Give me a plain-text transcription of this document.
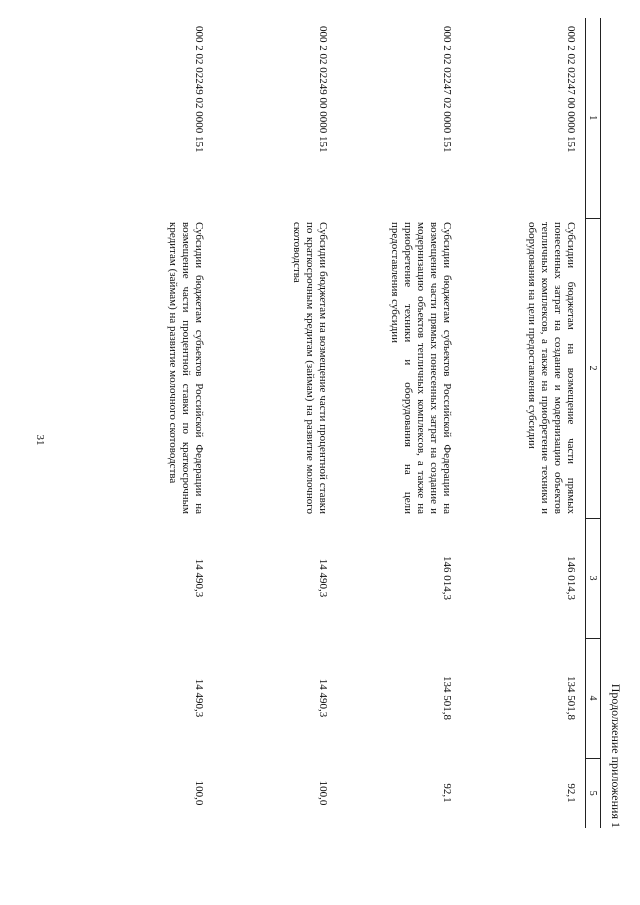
31
Продолжение приложения 1
1	2	3	4	5
000 2 02 02247 00 0000 151	Субсидии бюджетам на возмещение части прямых понесенных затрат на создание и модернизацию объектов тепличных комплексов, а также на приобретение техники и оборудования на цели предоставления субсидии	146 014,3	134 501,8	92,1
000 2 02 02247 02 0000 151	Субсидии бюджетам субъектов Российской Федерации на возмещение части прямых понесенных затрат на создание и модернизацию объектов тепличных комплексов, а также на приобретение техники и оборудования на цели предоставления субсидии	146 014,3	134 501,8	92,1
000 2 02 02249 00 0000 151	Субсидии бюджетам на возмещение части процентной ставки по краткосрочным кредитам (займам) на развитие молочного скотоводства	14 490,3	14 490,3	100,0
000 2 02 02249 02 0000 151	Субсидии бюджетам субъектов Российской Федерации на возмещение части процентной ставки по краткосрочным кредитам (займам) на развитие молочного скотоводства	14 490,3	14 490,3	100,0
